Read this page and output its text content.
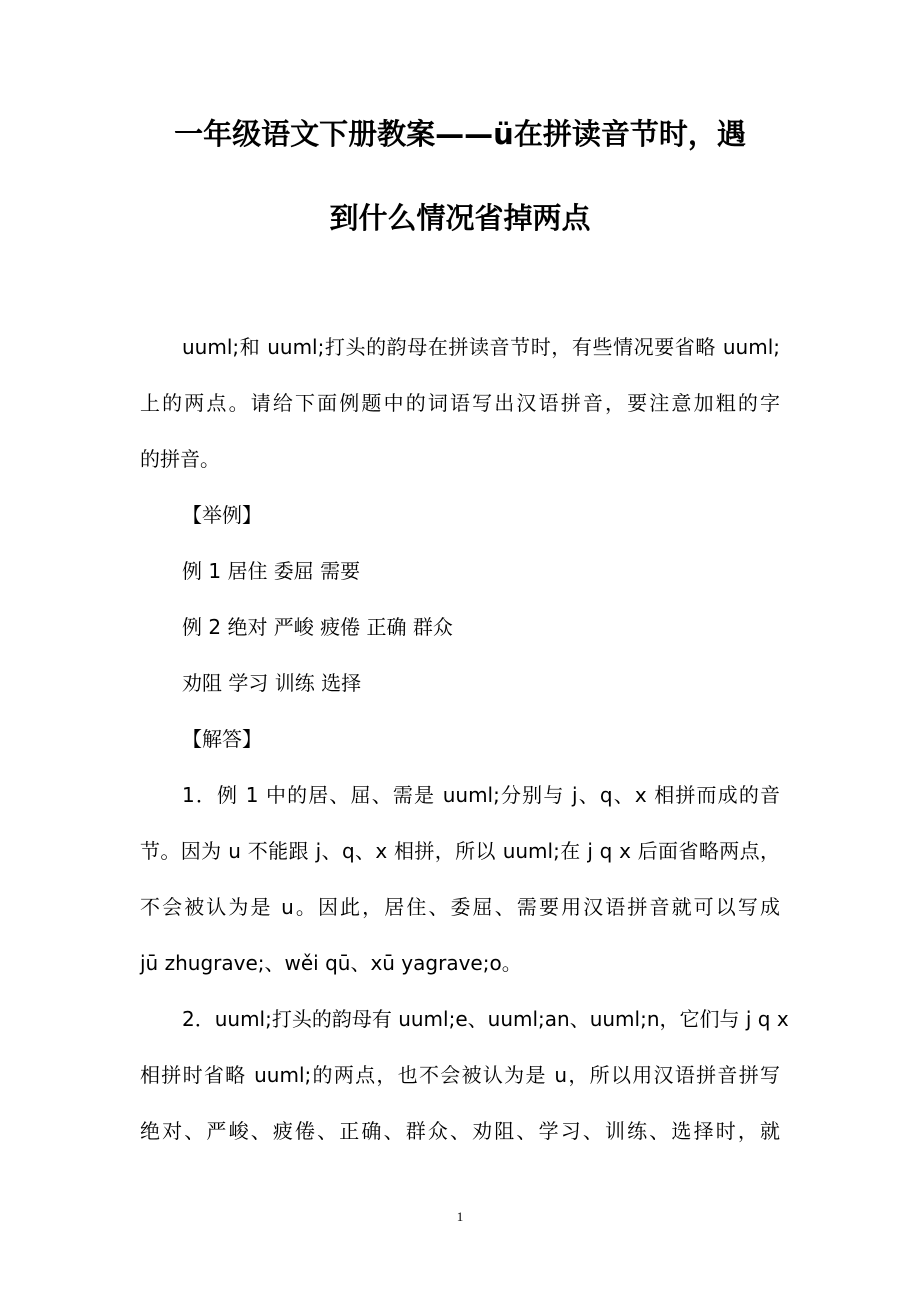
一年级语文下册教案——ü在拼读音节时，遇
到什么情况省掉两点
uuml;和 uuml;打头的韵母在拼读音节时，有些情况要省略 uuml;
上的两点。请给下面例题中的词语写出汉语拼音，要注意加粗的字
的拼音。
【举例】
例 1 居住 委屈 需要
例 2 绝对 严峻 疲倦 正确 群众
劝阻 学习 训练 选择
【解答】
1．例 1 中的居、屈、需是 uuml;分别与 j、q、x 相拼而成的音
节。因为 u 不能跟 j、q、x 相拼，所以 uuml;在 j q x 后面省略两点，
不会被认为是 u。因此，居住、委屈、需要用汉语拼音就可以写成
jū zhugrave;、wěi qū、xū yagrave;o。
2．uuml;打头的韵母有 uuml;e、uuml;an、uuml;n，它们与 j q x
相拼时省略 uuml;的两点，也不会被认为是 u，所以用汉语拼音拼写
绝对、严峻、疲倦、正确、群众、劝阻、学习、训练、选择时，就
1
